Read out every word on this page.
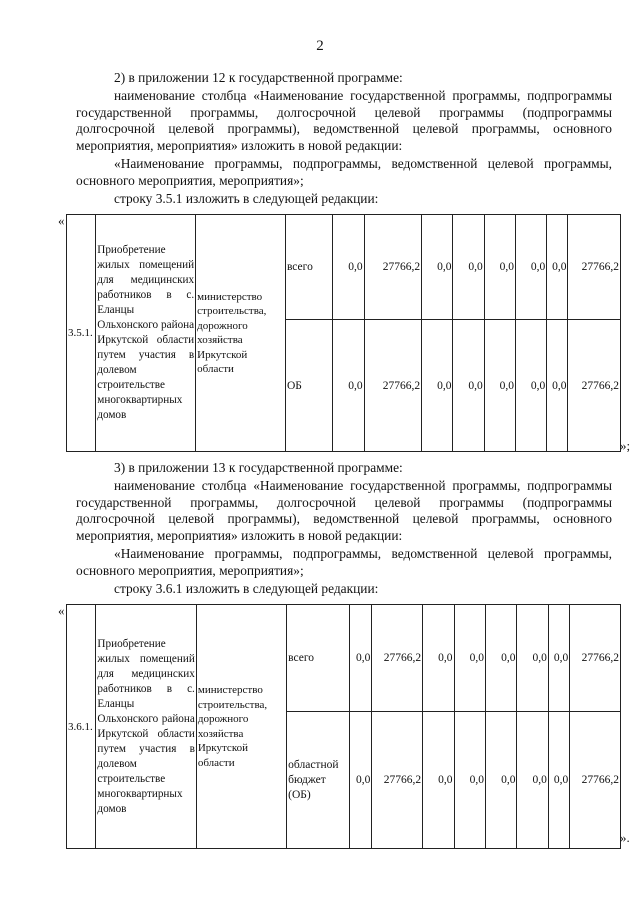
2
2) в приложении 12 к государственной программе:
наименование столбца «Наименование государственной программы, подпрограммы государственной программы, долгосрочной целевой программы (подпрограммы долгосрочной целевой программы), ведомственной целевой программы, основного мероприятия, мероприятия» изложить в новой редакции:
«Наименование программы, подпрограммы, ведомственной целевой программы, основного мероприятия, мероприятия»;
строку 3.5.1 изложить в следующей редакции:
«
3.5.1.	Приобретение жилых помещений для медицинских работников в с. Еланцы Ольхонского района Иркутской области путем участия в долевом строительстве многоквартирных домов	министерство строительства, дорожного хозяйства Иркутской области	всего	0,0	27766,2	0,0	0,0	0,0	0,0	0,0	27766,2
			ОБ	0,0	27766,2	0,0	0,0	0,0	0,0	0,0	27766,2
»;
3) в приложении 13 к государственной программе:
наименование столбца «Наименование государственной программы, подпрограммы государственной программы, долгосрочной целевой программы (подпрограммы долгосрочной целевой программы), ведомственной целевой программы, основного мероприятия, мероприятия» изложить в новой редакции:
«Наименование программы, подпрограммы, ведомственной целевой программы, основного мероприятия, мероприятия»;
строку 3.6.1 изложить в следующей редакции:
«
3.6.1.	Приобретение жилых помещений для медицинских работников в с. Еланцы Ольхонского района Иркутской области путем участия в долевом строительстве многоквартирных домов	министерство строительства, дорожного хозяйства Иркутской области	всего	0,0	27766,2	0,0	0,0	0,0	0,0	0,0	27766,2
			областной бюджет (ОБ)	0,0	27766,2	0,0	0,0	0,0	0,0	0,0	27766,2
».
